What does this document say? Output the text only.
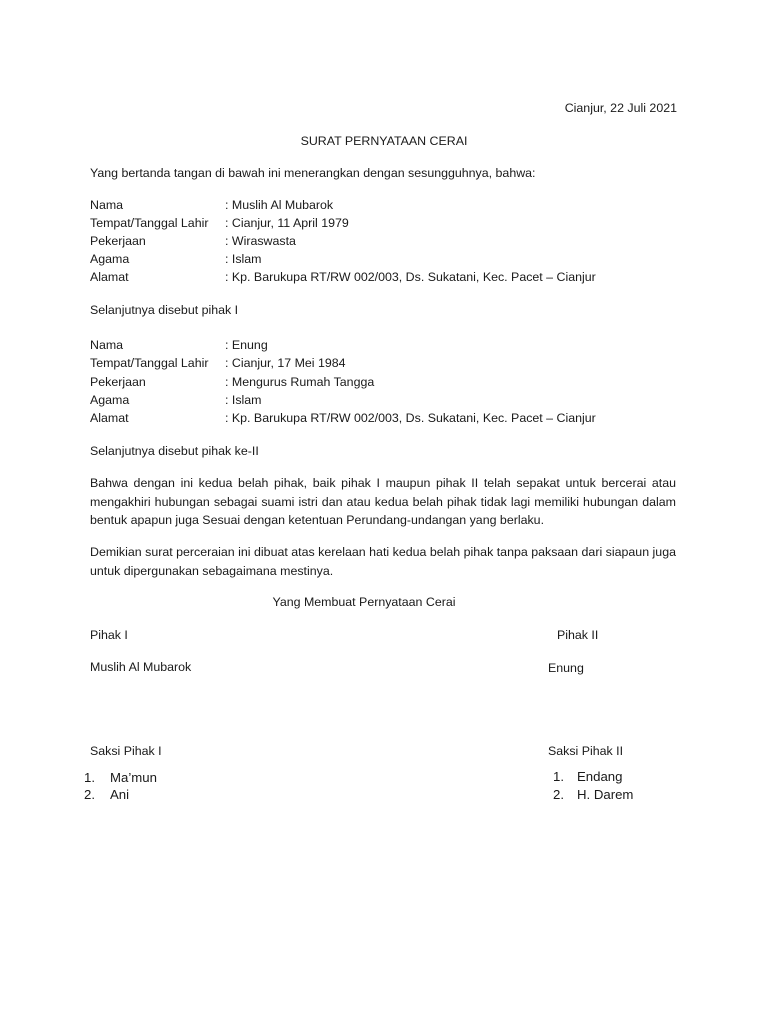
Cianjur, 22 Juli 2021
SURAT PERNYATAAN CERAI
Yang bertanda tangan di bawah ini menerangkan dengan sesungguhnya, bahwa:
Nama	: Muslih Al Mubarok
Tempat/Tanggal Lahir : Cianjur, 11 April 1979
Pekerjaan	: Wiraswasta
Agama	: Islam
Alamat	: Kp. Barukupa RT/RW 002/003, Ds. Sukatani, Kec. Pacet – Cianjur
Selanjutnya disebut pihak I
Nama	: Enung
Tempat/Tanggal Lahir : Cianjur, 17 Mei 1984
Pekerjaan	: Mengurus Rumah Tangga
Agama	: Islam
Alamat	: Kp. Barukupa RT/RW 002/003, Ds. Sukatani, Kec. Pacet – Cianjur
Selanjutnya disebut pihak ke-II

Bahwa dengan ini kedua belah pihak, baik pihak I maupun pihak II telah sepakat untuk bercerai atau mengakhiri hubungan sebagai suami istri dan atau kedua belah pihak tidak lagi memiliki hubungan dalam bentuk apapun juga Sesuai dengan ketentuan Perundang-undangan yang berlaku.

Demikian surat perceraian ini dibuat atas kerelaan hati kedua belah pihak tanpa paksaan dari siapaun juga untuk dipergunakan sebagaimana mestinya.

Yang Membuat Pernyataan Cerai
Pihak I	Pihak II
Muslih Al Mubarok	Enung
Saksi Pihak I	Saksi Pihak II
1. Ma’mun
2. Ani
1. Endang
2. H. Darem
